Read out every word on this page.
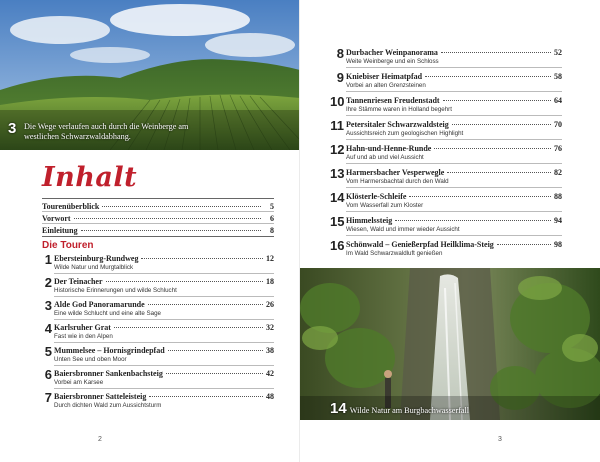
3 Die Wege verlaufen auch durch die Weinberge am westlichen Schwarzwaldabhang.
Inhalt
Tourenüberblick	5
Vorwort	6
Einleitung	8
Die Touren
1 Ebersteinburg-Rundweg	12
Wilde Natur und Murgtalblick
2 Der Teinacher	18
Historische Erinnerungen und wilde Schlucht
3 Alde God Panoramarunde	26
Eine wilde Schlucht und eine alte Sage
4 Karlsruher Grat	32
Fast wie in den Alpen
5 Mummelsee – Hornisgrindepfad	38
Unten See und oben Moor
6 Baiersbronner Sankenbachsteig	42
Vorbei am Karsee
7 Baiersbronner Satteleisteig	48
Durch dichten Wald zum Aussichtsturm
2
8 Durbacher Weinpanorama	52
Weite Weinberge und ein Schloss
9 Kniebiser Heimatpfad	58
Vorbei an alten Grenzsteinen
10 Tannenriesen Freudenstadt	64
Ihre Stämme waren in Holland begehrt
11 Petersitaler Schwarzwaldsteig	70
Aussichtsreich zum geologischen Highlight
12 Hahn-und-Henne-Runde	76
Auf und ab und viel Aussicht
13 Harmersbacher Vesperwegle	82
Vom Harmersbachtal durch den Wald
14 Klösterle-Schleife	88
Vom Wasserfall zum Kloster
15 Himmelssteig	94
Wiesen, Wald und immer wieder Aussicht
16 Schönwald – Genießerpfad Heilklima-Steig	98
Im Wald Schwarzwaldluft genießen
14 Wilde Natur am Burgbachwasserfall
3
